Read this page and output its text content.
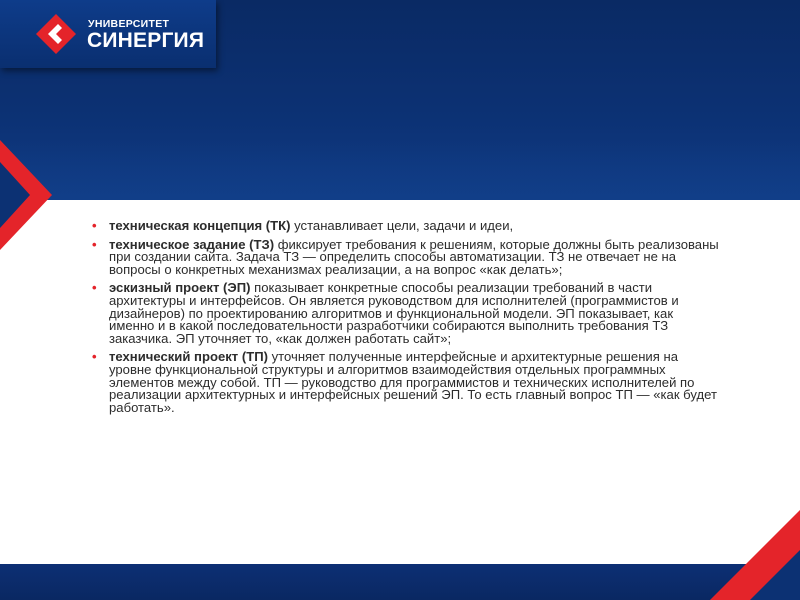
УНИВЕРСИТЕТ
СИНЕРГИЯ
• техническая концепция (ТК) устанавливает цели, задачи и идеи,
• техническое задание (ТЗ) фиксирует требования к решениям, которые должны быть реализованы при создании сайта. Задача ТЗ — определить способы автоматизации. ТЗ не отвечает не на вопросы о конкретных механизмах реализации, а на вопрос «как делать»;
• эскизный проект (ЭП) показывает конкретные способы реализации требований в части архитектуры и интерфейсов. Он является руководством для исполнителей (программистов и дизайнеров) по проектированию алгоритмов и функциональной модели. ЭП показывает, как именно и в какой последовательности разработчики собираются выполнить требования ТЗ заказчика. ЭП уточняет то, «как должен работать сайт»;
• технический проект (ТП) уточняет полученные интерфейсные и архитектурные решения на уровне функциональной структуры и алгоритмов взаимодействия отдельных программных элементов между собой. ТП — руководство для программистов и технических исполнителей по реализации архитектурных и интерфейсных решений ЭП. То есть главный вопрос ТП — «как будет работать».
